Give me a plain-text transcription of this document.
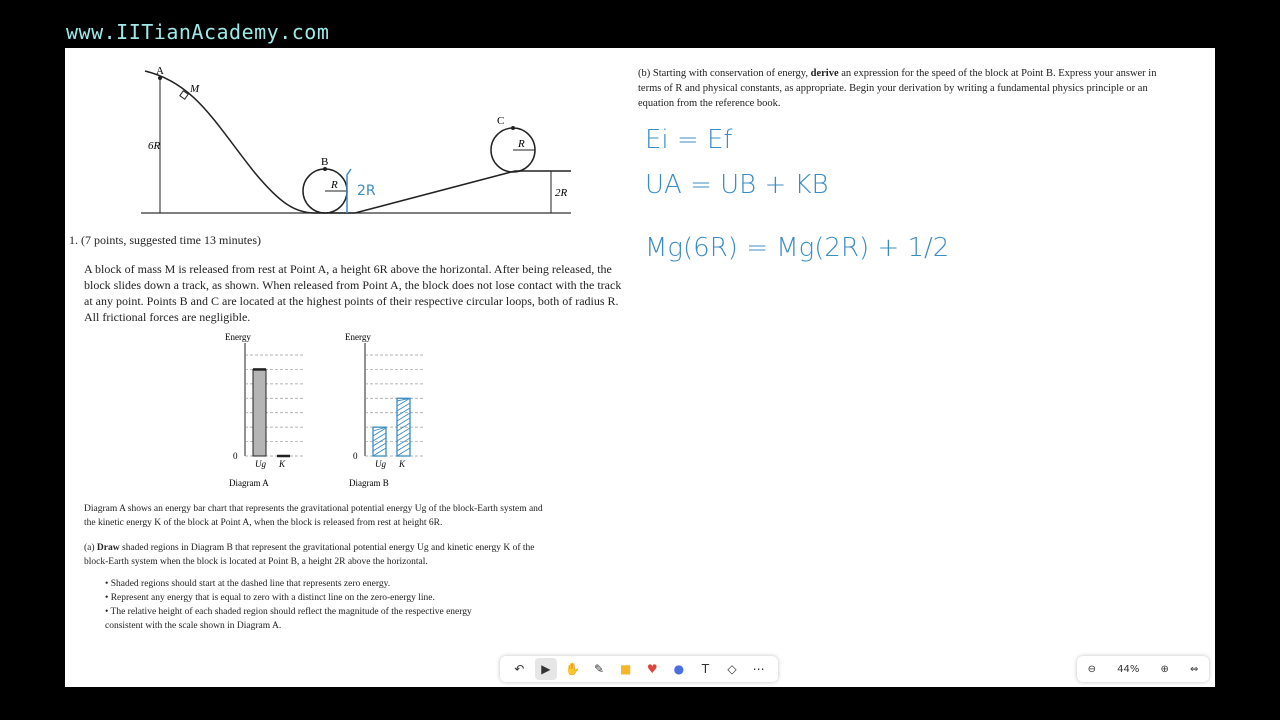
www.IITianAcademy.com
A
M
6R
B
R
C
R
2R
2R
1. (7 points, suggested time 13 minutes)
A block of mass M is released from rest at Point A, a height 6R above the horizontal. After being released, the block slides down a track, as shown. When released from Point A, the block does not lose contact with the track at any point. Points B and C are located at the highest points of their respective circular loops, both of radius R. All frictional forces are negligible.
Energy
0
Ug K
Diagram A
Energy
0
Ug K
Diagram B
Diagram A shows an energy bar chart that represents the gravitational potential energy Ug of the block-Earth system and the kinetic energy K of the block at Point A, when the block is released from rest at height 6R.
(a) Draw shaded regions in Diagram B that represent the gravitational potential energy Ug and kinetic energy K of the block-Earth system when the block is located at Point B, a height 2R above the horizontal.
• Shaded regions should start at the dashed line that represents zero energy.
• Represent any energy that is equal to zero with a distinct line on the zero-energy line.
• The relative height of each shaded region should reflect the magnitude of the respective energy consistent with the scale shown in Diagram A.
(b) Starting with conservation of energy, derive an expression for the speed of the block at Point B. Express your answer in terms of R and physical constants, as appropriate. Begin your derivation by writing a fundamental physics principle or an equation from the reference book.
Ei = Ef
UA = UB + KB
Mg(6R) = Mg(2R) + 1/2
↶	▶	✋	✎	■	♥	●	T	◇	⋯	⊖ 44% ⊕ ⇔
